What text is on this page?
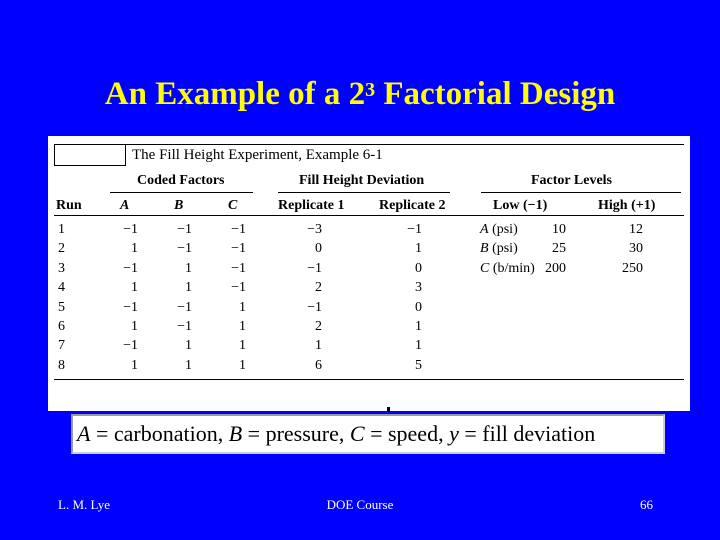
An Example of a $2^3$ Factorial Design
The Fill Height Experiment, Example 6-1
Coded Factors	Fill Height Deviation	Factor Levels
Run	A	B	C	Replicate 1 Replicate 2	Low (−1)	High (+1)
1	−1	−1	−1	−3	−1
2	1	−1	−1	0	1
3	−1	1	−1	−1	0
4	1	1	−1	2	3
5	−1	−1	1	−1	0
6	1	−1	1	2	1
7	−1	1	1	1	1
8	1	1	1	6	5
A (psi)	10	12
B (psi)	25	30
C (b/min) 200	250
A = carbonation, B = pressure, C = speed, y = fill deviation
L. M. Lye	DOE Course	66
